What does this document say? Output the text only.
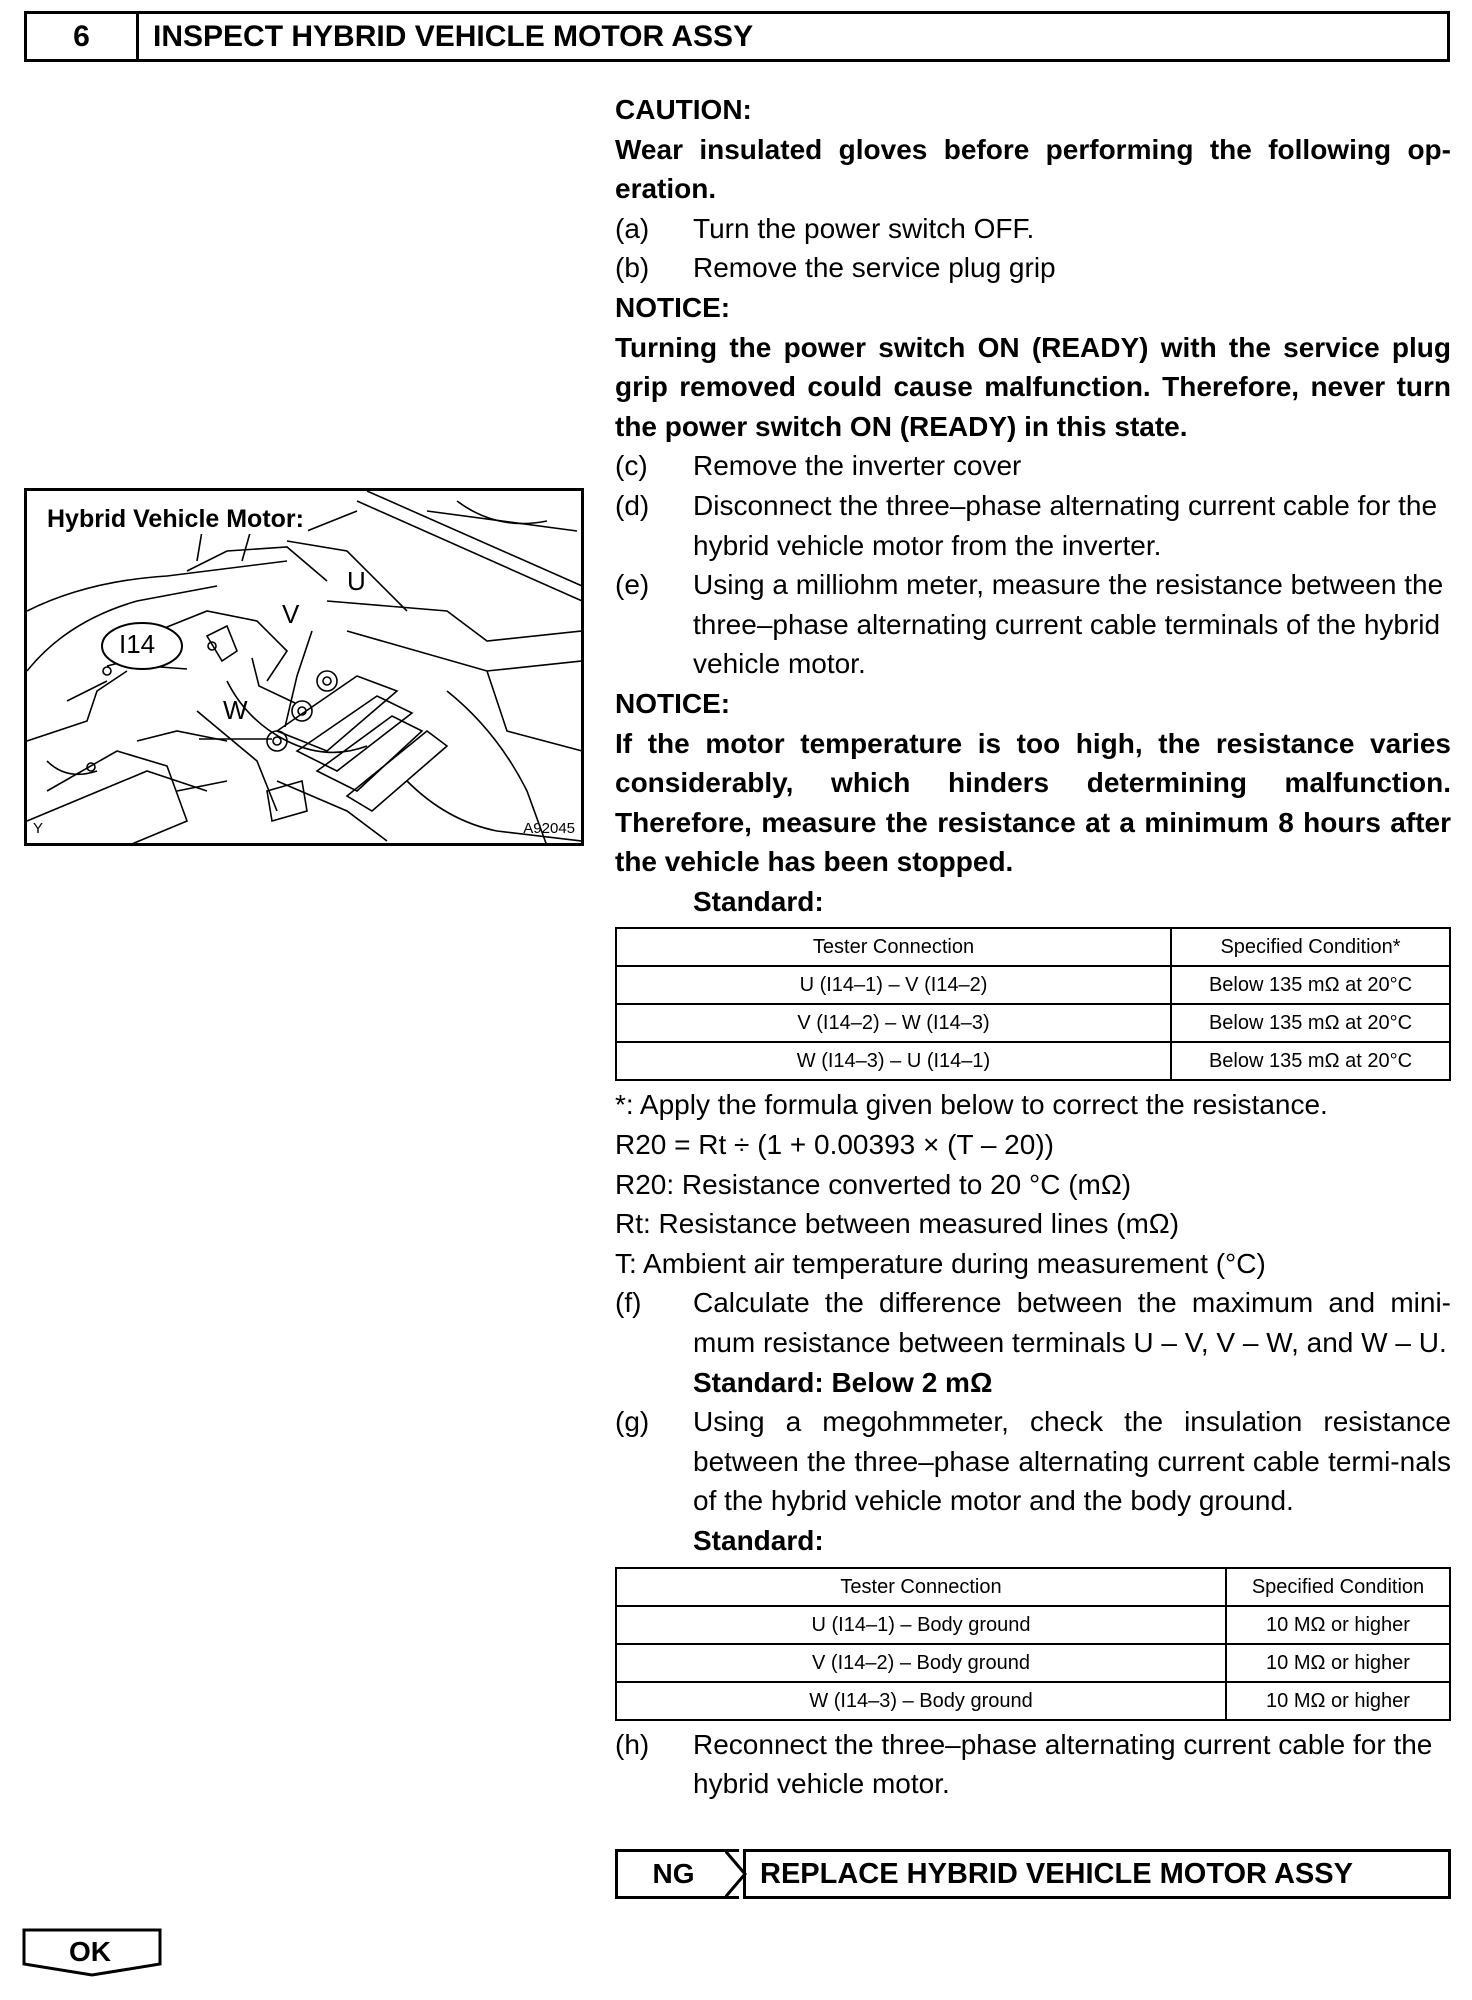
6	INSPECT HYBRID VEHICLE MOTOR ASSY
Hybrid Vehicle Motor:
I14
U
V
W
Y	A92045
CAUTION:
Wear insulated gloves before performing the following op-eration.
(a)	Turn the power switch OFF.
(b)	Remove the service plug grip
NOTICE:
Turning the power switch ON (READY) with the service plug grip removed could cause malfunction. Therefore, never turn the power switch ON (READY) in this state.
(c)	Remove the inverter cover
(d)	Disconnect the three–phase alternating current cable for the hybrid vehicle motor from the inverter.
(e)	Using a milliohm meter, measure the resistance between the three–phase alternating current cable terminals of the hybrid vehicle motor.
NOTICE:
If the motor temperature is too high, the resistance varies considerably, which hinders determining malfunction. Therefore, measure the resistance at a minimum 8 hours after the vehicle has been stopped.
Standard:
Tester Connection	Specified Condition*
U (I14–1) – V (I14–2)	Below 135 mΩ at 20°C
V (I14–2) – W (I14–3)	Below 135 mΩ at 20°C
W (I14–3) – U (I14–1)	Below 135 mΩ at 20°C
*: Apply the formula given below to correct the resistance.
R20 = Rt ÷ (1 + 0.00393 × (T – 20))
R20: Resistance converted to 20 °C (mΩ)
Rt: Resistance between measured lines (mΩ)
T: Ambient air temperature during measurement (°C)
(f)	Calculate the difference between the maximum and mini-mum resistance between terminals U – V, V – W, and W – U.
Standard: Below 2 mΩ
(g)	Using a megohmmeter, check the insulation resistance between the three–phase alternating current cable termi-nals of the hybrid vehicle motor and the body ground.
Standard:
Tester Connection	Specified Condition
U (I14–1) – Body ground	10 MΩ or higher
V (I14–2) – Body ground	10 MΩ or higher
W (I14–3) – Body ground	10 MΩ or higher
(h)	Reconnect the three–phase alternating current cable for the hybrid vehicle motor.
NG	REPLACE HYBRID VEHICLE MOTOR ASSY
OK
